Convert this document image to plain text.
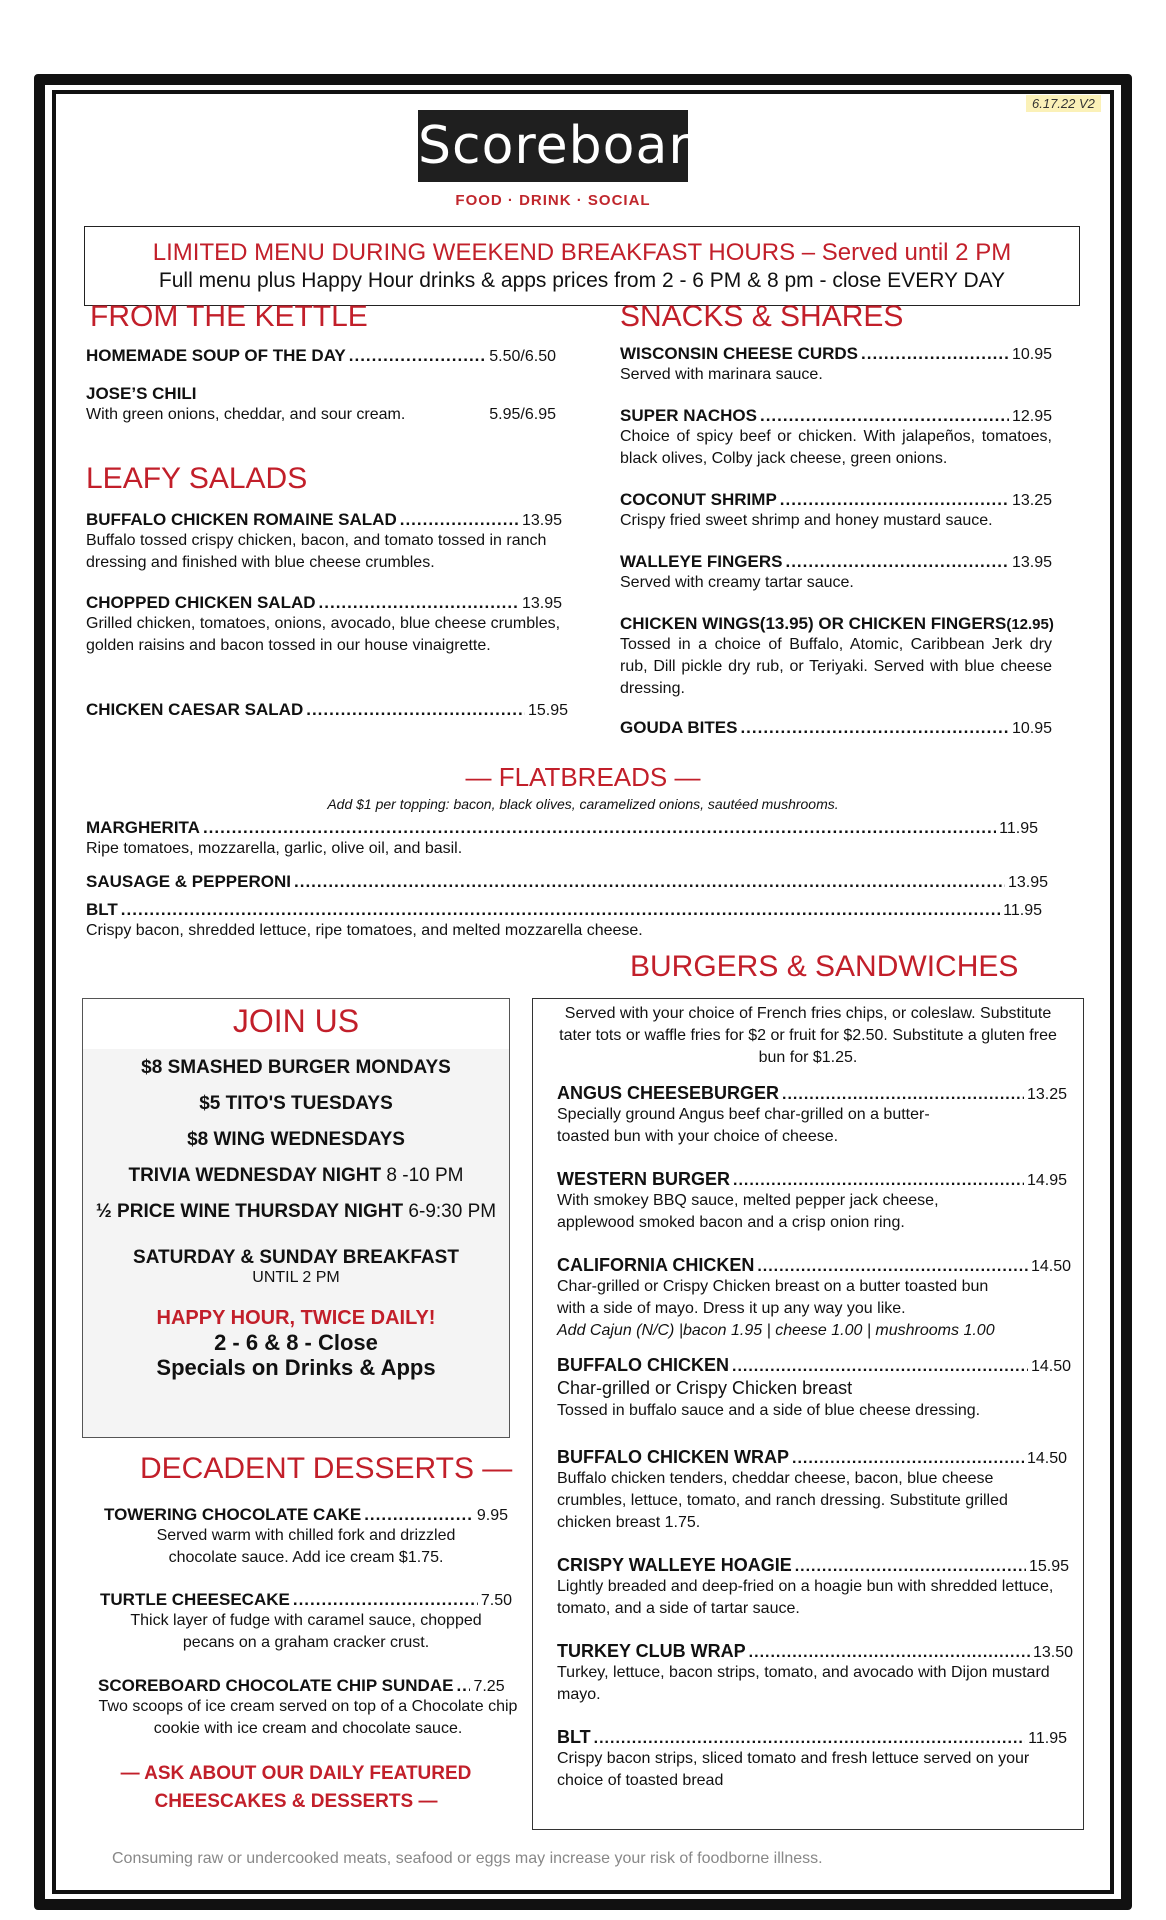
6.17.22 V2
Scoreboard
FOOD · DRINK · SOCIAL
LIMITED MENU DURING WEEKEND BREAKFAST HOURS – Served until 2 PM
Full menu plus Happy Hour drinks & apps prices from 2 - 6 PM & 8 pm - close EVERY DAY
FROM THE KETTLE
HOMEMADE SOUP OF THE DAY .....	5.50/6.50
JOSE’S CHILI
With green onions, cheddar, and sour cream.	5.95/6.95
LEAFY SALADS
BUFFALO CHICKEN ROMAINE SALAD .....	13.95
Buffalo tossed crispy chicken, bacon, and tomato tossed in ranch dressing and finished with blue cheese crumbles.
CHOPPED CHICKEN SALAD .....	13.95
Grilled chicken, tomatoes, onions, avocado, blue cheese crumbles, golden raisins and bacon tossed in our house vinaigrette.
CHICKEN CAESAR SALAD .....	15.95
SNACKS & SHARES
WISCONSIN CHEESE CURDS .....	10.95
Served with marinara sauce.
SUPER NACHOS .....	12.95
Choice of spicy beef or chicken. With jalapeños, tomatoes, black olives, Colby jack cheese, green onions.
COCONUT SHRIMP .....	13.25
Crispy fried sweet shrimp and honey mustard sauce.
WALLEYE FINGERS .....	13.95
Served with creamy tartar sauce.
CHICKEN WINGS(13.95) OR CHICKEN FINGERS(12.95)
Tossed in a choice of Buffalo, Atomic, Caribbean Jerk dry rub, Dill pickle dry rub, or Teriyaki. Served with blue cheese dressing.
GOUDA BITES .....	10.95
— FLATBREADS —
Add $1 per topping: bacon, black olives, caramelized onions, sautéed mushrooms.
MARGHERITA .....	11.95
Ripe tomatoes, mozzarella, garlic, olive oil, and basil.
SAUSAGE & PEPPERONI .....	13.95
BLT .....	11.95
Crispy bacon, shredded lettuce, ripe tomatoes, and melted mozzarella cheese.
JOIN US
$8 SMASHED BURGER MONDAYS
$5 TITO'S TUESDAYS
$8 WING WEDNESDAYS
TRIVIA WEDNESDAY NIGHT 8 -10 PM
½ PRICE WINE THURSDAY NIGHT 6-9:30 PM
SATURDAY & SUNDAY BREAKFAST
UNTIL 2 PM
HAPPY HOUR, TWICE DAILY!
2 - 6 & 8 - Close
Specials on Drinks & Apps
DECADENT DESSERTS —
TOWERING CHOCOLATE CAKE .....	9.95
Served warm with chilled fork and drizzled chocolate sauce. Add ice cream $1.75.
TURTLE CHEESECAKE .....	7.50
Thick layer of fudge with caramel sauce, chopped pecans on a graham cracker crust.
SCOREBOARD CHOCOLATE CHIP SUNDAE ..... 7.25
Two scoops of ice cream served on top of a Chocolate chip cookie with ice cream and chocolate sauce.
— ASK ABOUT OUR DAILY FEATURED
CHEESCAKES & DESSERTS —
BURGERS & SANDWICHES
Served with your choice of French fries chips, or coleslaw. Substitute tater tots or waffle fries for $2 or fruit for $2.50. Substitute a gluten free bun for $1.25.
ANGUS CHEESEBURGER .....	13.25
Specially ground Angus beef char-grilled on a butter-toasted bun with your choice of cheese.
WESTERN BURGER .....	14.95
With smokey BBQ sauce, melted pepper jack cheese, applewood smoked bacon and a crisp onion ring.
CALIFORNIA CHICKEN .....	14.50
Char-grilled or Crispy Chicken breast on a butter toasted bun with a side of mayo. Dress it up any way you like.
Add Cajun (N/C) |bacon 1.95 | cheese 1.00 | mushrooms 1.00
BUFFALO CHICKEN .....	14.50
Char-grilled or Crispy Chicken breast
Tossed in buffalo sauce and a side of blue cheese dressing.
BUFFALO CHICKEN WRAP .....	14.50
Buffalo chicken tenders, cheddar cheese, bacon, blue cheese crumbles, lettuce, tomato, and ranch dressing. Substitute grilled chicken breast 1.75.
CRISPY WALLEYE HOAGIE .....	15.95
Lightly breaded and deep-fried on a hoagie bun with shredded lettuce, tomato, and a side of tartar sauce.
TURKEY CLUB WRAP .....	13.50
Turkey, lettuce, bacon strips, tomato, and avocado with Dijon mustard mayo.
BLT .....	11.95
Crispy bacon strips, sliced tomato and fresh lettuce served on your choice of toasted bread
Consuming raw or undercooked meats, seafood or eggs may increase your risk of foodborne illness.
